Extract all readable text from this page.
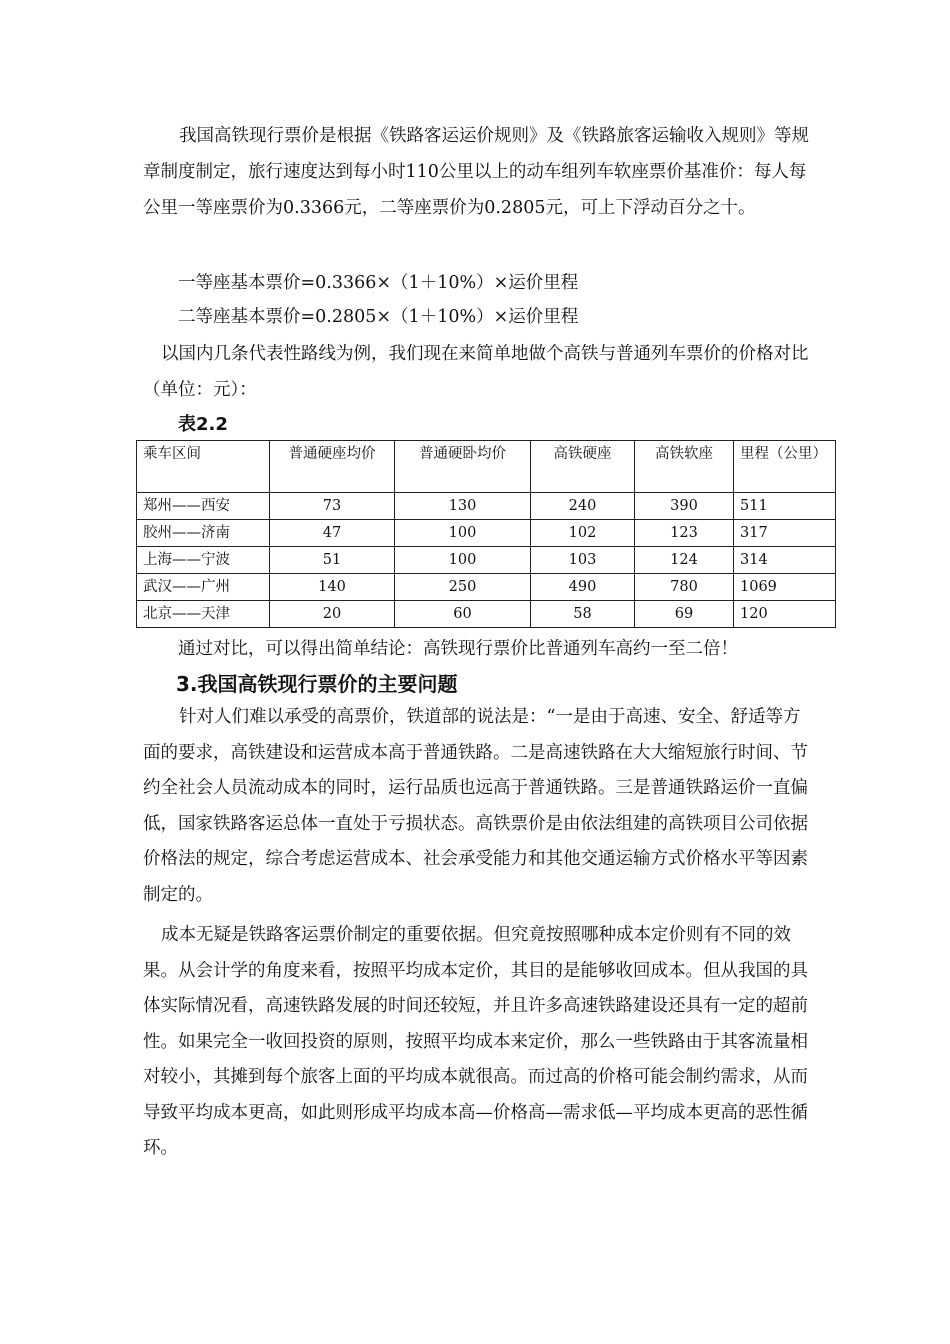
我国高铁现行票价是根据《铁路客运运价规则》及《铁路旅客运输收入规则》等规章制度制定，旅行速度达到每小时110公里以上的动车组列车软座票价基准价：每人每公里一等座票价为0.3366元，二等座票价为0.2805元，可上下浮动百分之十。

一等座基本票价=0.3366×（1＋10%）×运价里程
二等座基本票价=0.2805×（1＋10%）×运价里程

以国内几条代表性路线为例，我们现在来简单地做个高铁与普通列车票价的价格对比（单位：元）：

表2.2
乘车区间	普通硬座均价	普通硬卧均价	高铁硬座	高铁软座	里程（公里）
郑州——西安	73	130	240	390	511
胶州——济南	47	100	102	123	317
上海——宁波	51	100	103	124	314
武汉——广州	140	250	490	780	1069
北京——天津	20	60	58	69	120
通过对比，可以得出简单结论：高铁现行票价比普通列车高约一至二倍！
3.我国高铁现行票价的主要问题

针对人们难以承受的高票价，铁道部的说法是：“一是由于高速、安全、舒适等方面的要求，高铁建设和运营成本高于普通铁路。二是高速铁路在大大缩短旅行时间、节约全社会人员流动成本的同时，运行品质也远高于普通铁路。三是普通铁路运价一直偏低，国家铁路客运总体一直处于亏损状态。高铁票价是由依法组建的高铁项目公司依据价格法的规定，综合考虑运营成本、社会承受能力和其他交通运输方式价格水平等因素制定的。

成本无疑是铁路客运票价制定的重要依据。但究竟按照哪种成本定价则有不同的效果。从会计学的角度来看，按照平均成本定价，其目的是能够收回成本。但从我国的具体实际情况看，高速铁路发展的时间还较短，并且许多高速铁路建设还具有一定的超前性。如果完全一收回投资的原则，按照平均成本来定价，那么一些铁路由于其客流量相对较小，其摊到每个旅客上面的平均成本就很高。而过高的价格可能会制约需求，从而导致平均成本更高，如此则形成平均成本高—价格高—需求低—平均成本更高的恶性循环。
